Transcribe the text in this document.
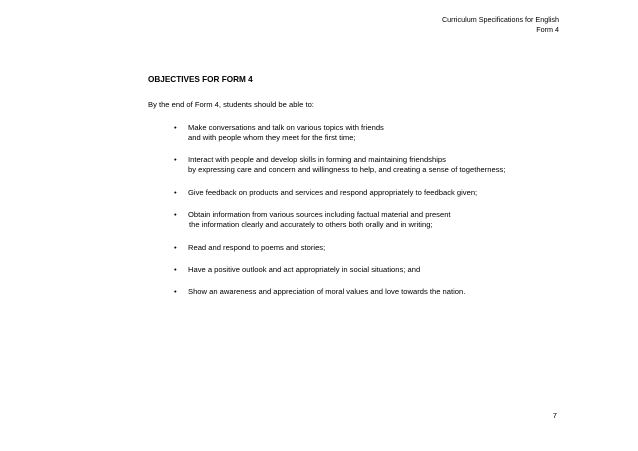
Curriculum Specifications for English
Form 4
OBJECTIVES FOR FORM 4
By the end of Form 4, students should be able to:
• Make conversations and talk on various topics with friends
and with people whom they meet for the first time;
• Interact with people and develop skills in forming and maintaining friendships
by expressing care and concern and willingness to help, and creating a sense of togetherness;
• Give feedback on products and services and respond appropriately to feedback given;
• Obtain information from various sources including factual material and present
the information clearly and accurately to others both orally and in writing;
• Read and respond to poems and stories;
• Have a positive outlook and act appropriately in social situations; and
• Show an awareness and appreciation of moral values and love towards the nation.
7
